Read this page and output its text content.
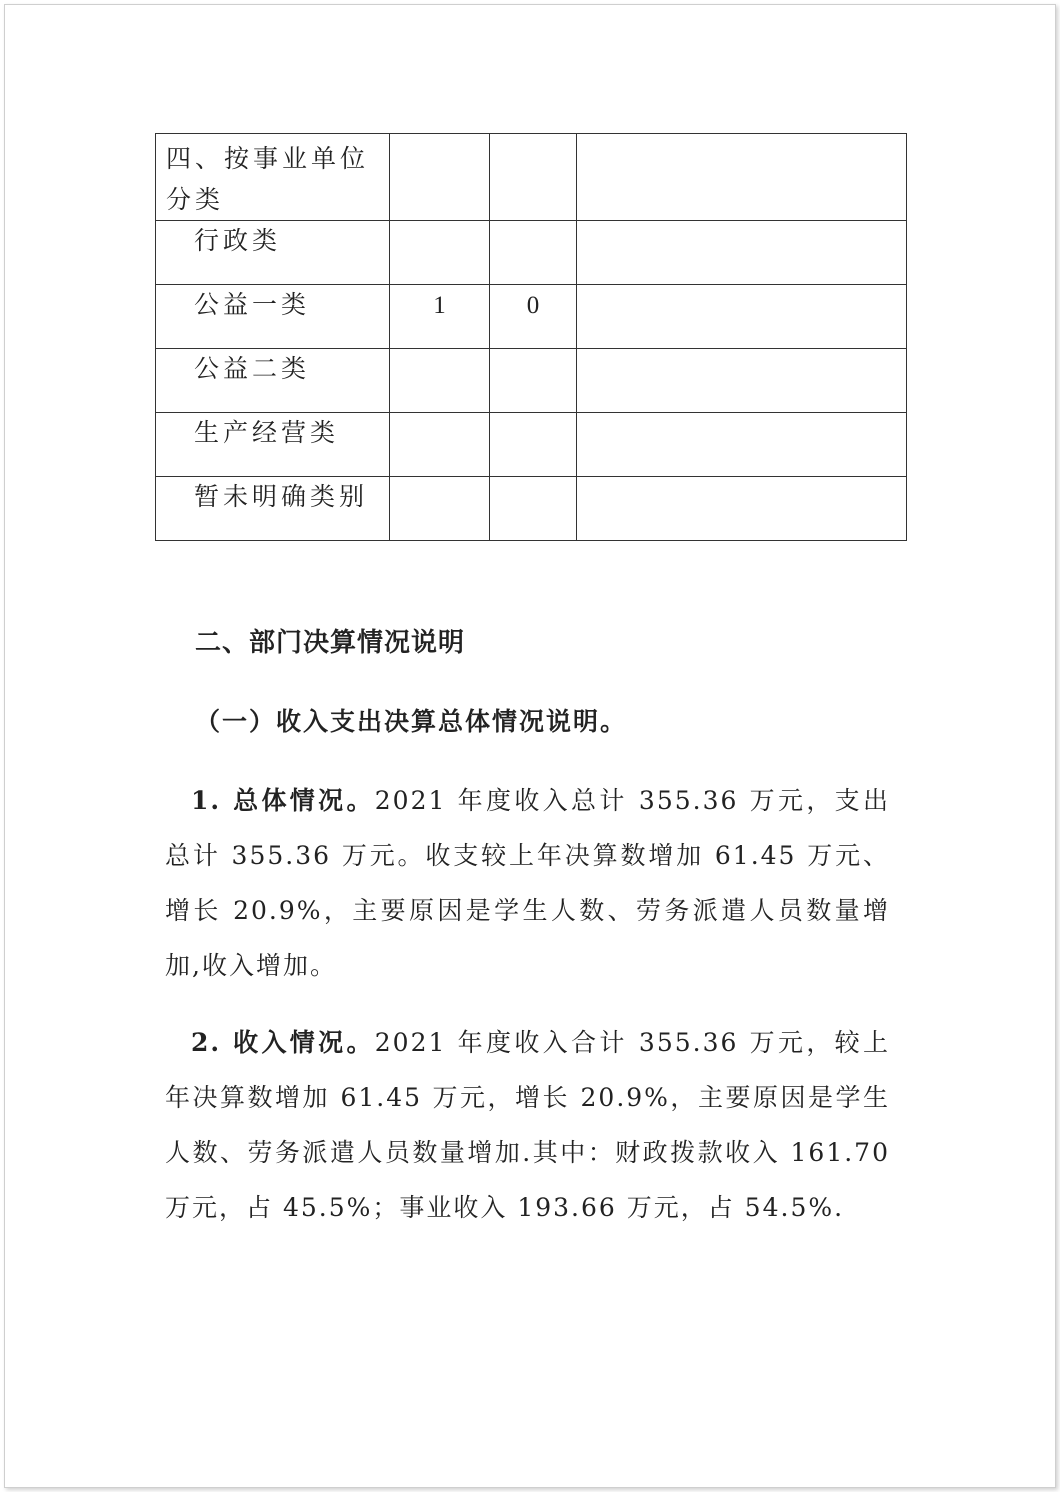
四、按事业单位分类			
行政类			
公益一类	1	0	
公益二类			
生产经营类			
暂未明确类别			
二、部门决算情况说明
（一）收入支出决算总体情况说明。
1. 总体情况。2021 年度收入总计 355.36 万元，支出总计 355.36 万元。收支较上年决算数增加 61.45 万元、增长 20.9%，主要原因是学生人数、劳务派遣人员数量增加,收入增加。
2. 收入情况。2021 年度收入合计 355.36 万元，较上年决算数增加 61.45 万元，增长 20.9%，主要原因是学生人数、劳务派遣人员数量增加.其中：财政拨款收入 161.70 万元，占 45.5%；事业收入 193.66 万元，占 54.5%.
